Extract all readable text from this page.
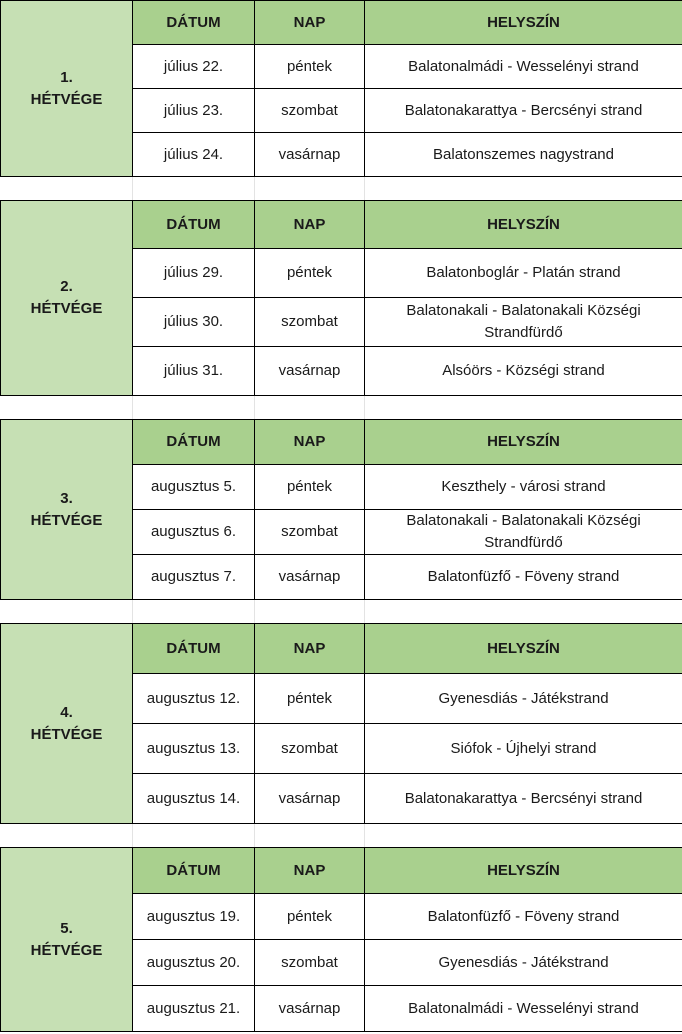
1.
HÉTVÉGE	DÁTUM	NAP	HELYSZÍN
	július 22.	péntek	Balatonalmádi - Wesselényi strand
	július 23.	szombat	Balatonakarattya - Bercsényi strand
	július 24.	vasárnap	Balatonszemes nagystrand

2.
HÉTVÉGE	DÁTUM	NAP	HELYSZÍN
	július 29.	péntek	Balatonboglár - Platán strand
	július 30.	szombat	Balatonakali - Balatonakali Községi Strandfürdő
	július 31.	vasárnap	Alsóörs - Községi strand

3.
HÉTVÉGE	DÁTUM	NAP	HELYSZÍN
	augusztus 5.	péntek	Keszthely - városi strand
	augusztus 6.	szombat	Balatonakali - Balatonakali Községi Strandfürdő
	augusztus 7.	vasárnap	Balatonfüzfő - Föveny strand

4.
HÉTVÉGE	DÁTUM	NAP	HELYSZÍN
	augusztus 12.	péntek	Gyenesdiás - Játékstrand
	augusztus 13.	szombat	Siófok - Újhelyi strand
	augusztus 14.	vasárnap	Balatonakarattya - Bercsényi strand

5.
HÉTVÉGE	DÁTUM	NAP	HELYSZÍN
	augusztus 19.	péntek	Balatonfüzfő - Föveny strand
	augusztus 20.	szombat	Gyenesdiás - Játékstrand
	augusztus 21.	vasárnap	Balatonalmádi - Wesselényi strand
